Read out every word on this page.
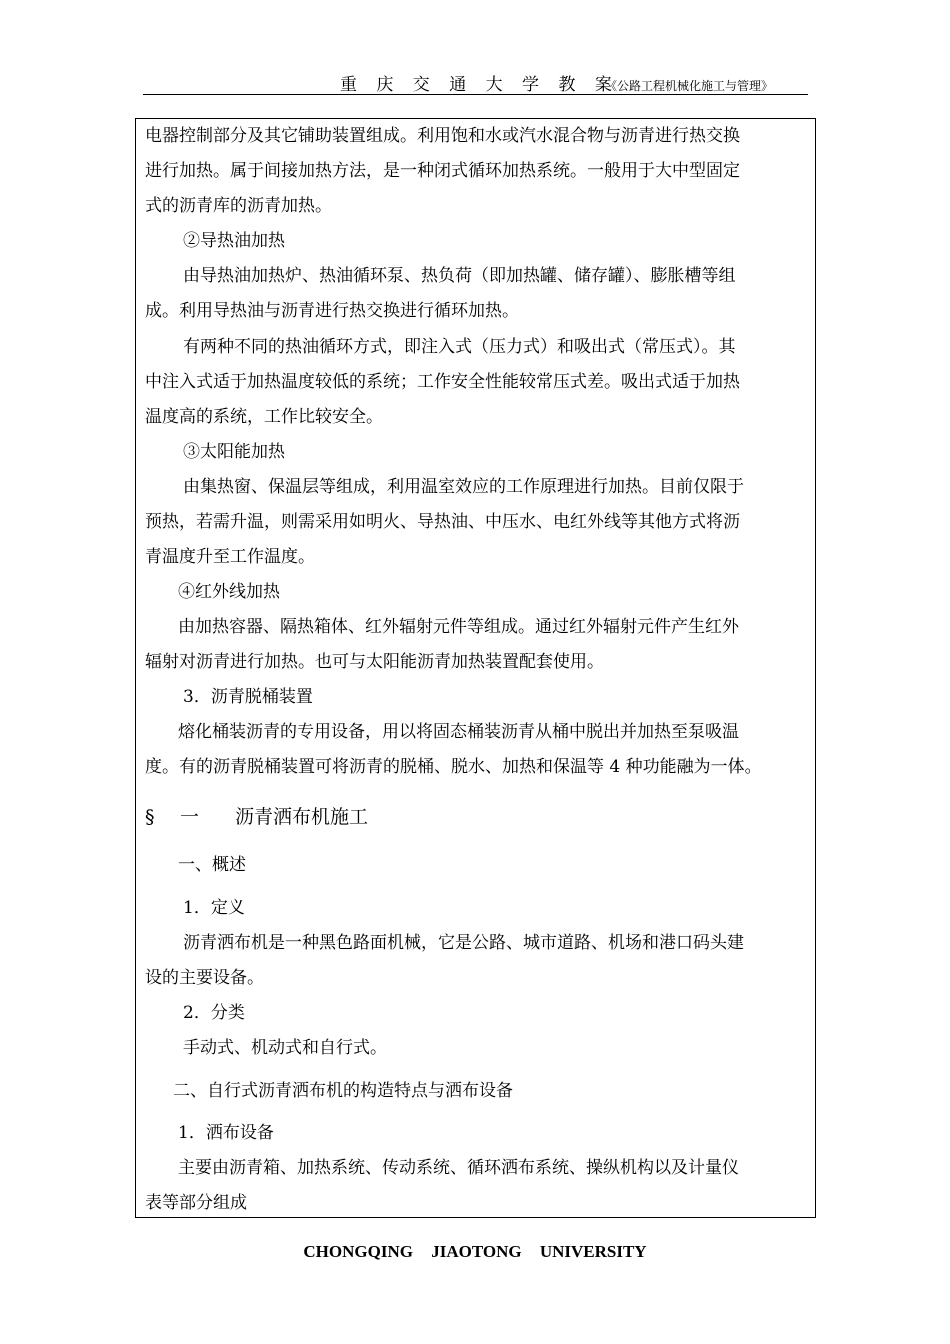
重 庆 交 通 大 学 教 案
《公路工程机械化施工与管理》
电器控制部分及其它铺助装置组成。利用饱和水或汽水混合物与沥青进行热交换
进行加热。属于间接加热方法，是一种闭式循环加热系统。一般用于大中型固定
式的沥青库的沥青加热。
②导热油加热
由导热油加热炉、热油循环泵、热负荷（即加热罐、储存罐）、膨胀槽等组
成。利用导热油与沥青进行热交换进行循环加热。
有两种不同的热油循环方式，即注入式（压力式）和吸出式（常压式）。其
中注入式适于加热温度较低的系统；工作安全性能较常压式差。吸出式适于加热
温度高的系统，工作比较安全。
③太阳能加热
由集热窗、保温层等组成，利用温室效应的工作原理进行加热。目前仅限于
预热，若需升温，则需采用如明火、导热油、中压水、电红外线等其他方式将沥
青温度升至工作温度。
④红外线加热
由加热容器、隔热箱体、红外辐射元件等组成。通过红外辐射元件产生红外
辐射对沥青进行加热。也可与太阳能沥青加热装置配套使用。
3．沥青脱桶装置
熔化桶装沥青的专用设备，用以将固态桶装沥青从桶中脱出并加热至泵吸温
度。有的沥青脱桶装置可将沥青的脱桶、脱水、加热和保温等 4 种功能融为一体。
§ 一 沥青洒布机施工
一、概述
1．定义
沥青洒布机是一种黑色路面机械，它是公路、城市道路、机场和港口码头建
设的主要设备。
2．分类
手动式、机动式和自行式。
二、自行式沥青洒布机的构造特点与洒布设备
1．洒布设备
主要由沥青箱、加热系统、传动系统、循环洒布系统、操纵机构以及计量仪
表等部分组成
CHONGQING JIAOTONG UNIVERSITY
